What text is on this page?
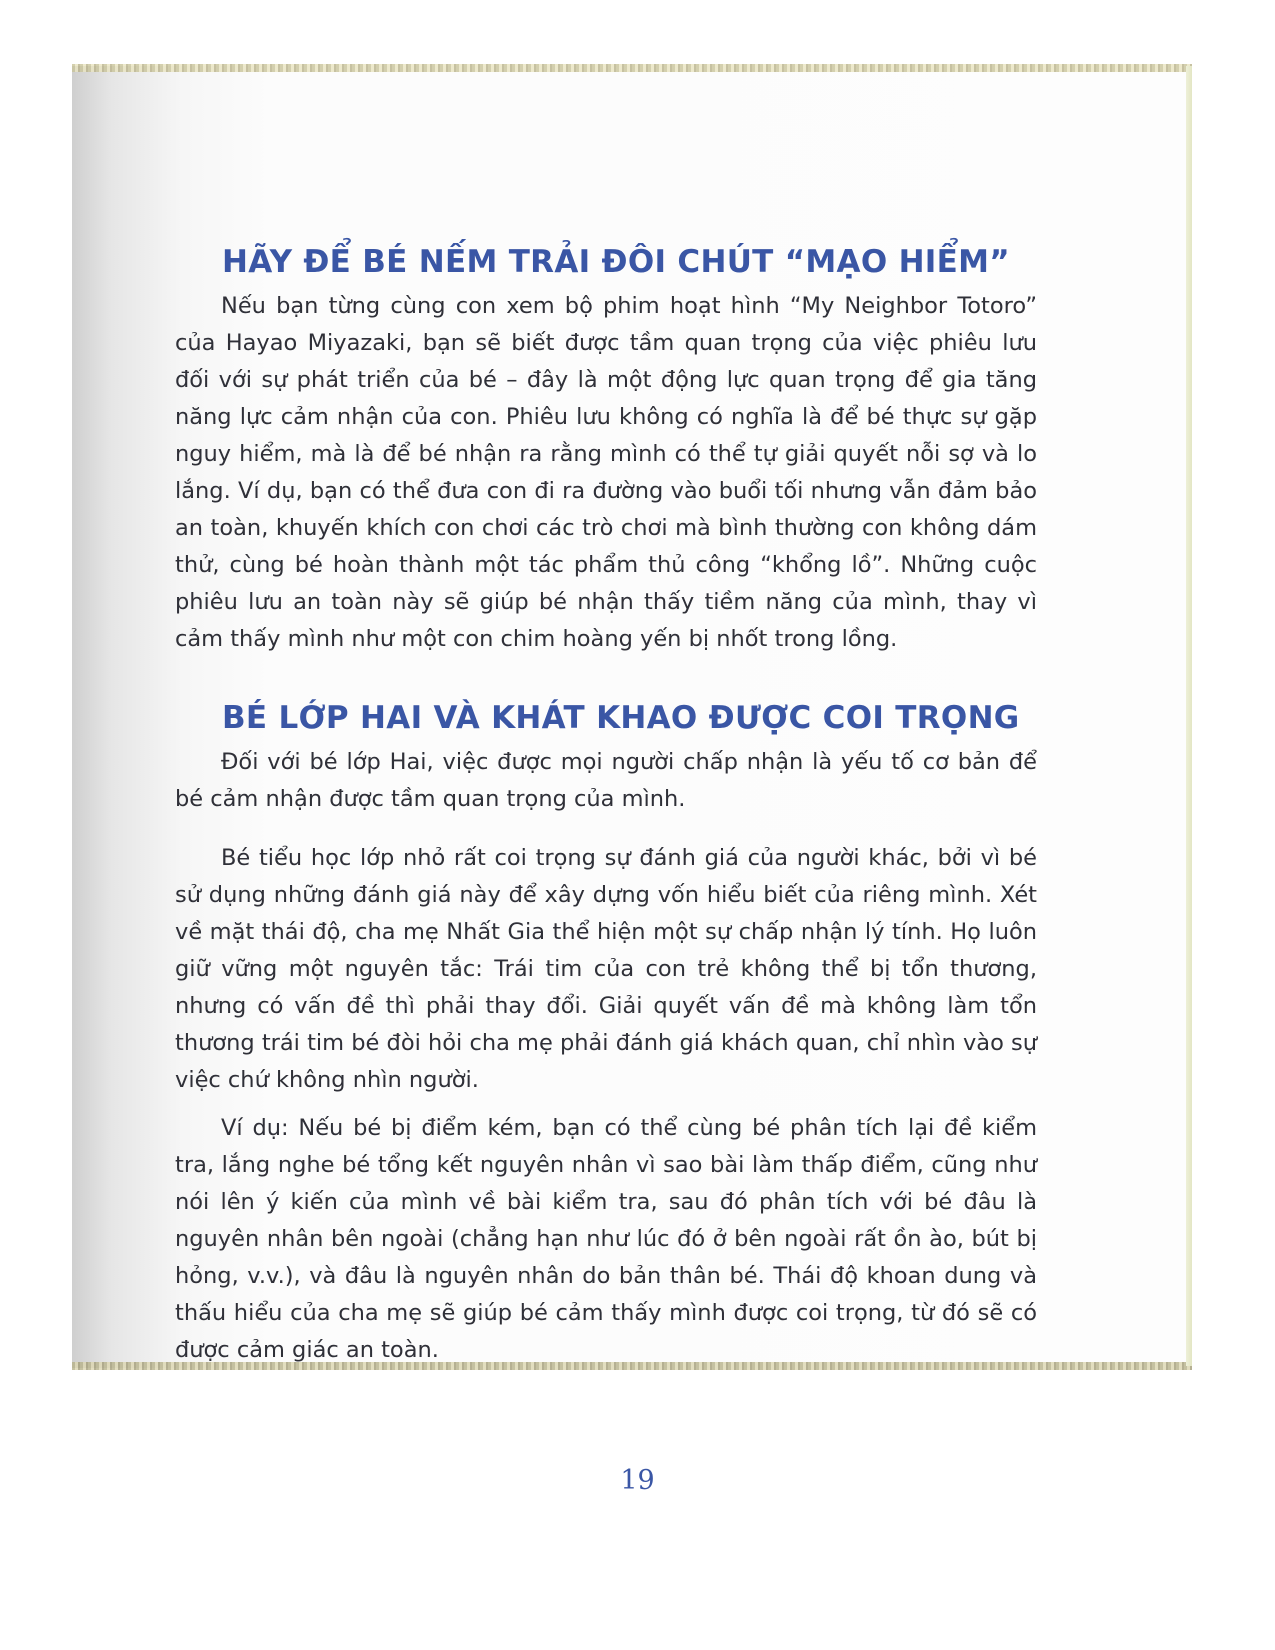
HÃY ĐỂ BÉ NẾM TRẢI ĐÔI CHÚT “MẠO HIỂM”

Nếu bạn từng cùng con xem bộ phim hoạt hình “My Neighbor Totoro” của Hayao Miyazaki, bạn sẽ biết được tầm quan trọng của việc phiêu lưu đối với sự phát triển của bé – đây là một động lực quan trọng để gia tăng năng lực cảm nhận của con. Phiêu lưu không có nghĩa là để bé thực sự gặp nguy hiểm, mà là để bé nhận ra rằng mình có thể tự giải quyết nỗi sợ và lo lắng. Ví dụ, bạn có thể đưa con đi ra đường vào buổi tối nhưng vẫn đảm bảo an toàn, khuyến khích con chơi các trò chơi mà bình thường con không dám thử, cùng bé hoàn thành một tác phẩm thủ công “khổng lồ”. Những cuộc phiêu lưu an toàn này sẽ giúp bé nhận thấy tiềm năng của mình, thay vì cảm thấy mình như một con chim hoàng yến bị nhốt trong lồng.

BÉ LỚP HAI VÀ KHÁT KHAO ĐƯỢC COI TRỌNG

Đối với bé lớp Hai, việc được mọi người chấp nhận là yếu tố cơ bản để bé cảm nhận được tầm quan trọng của mình.

Bé tiểu học lớp nhỏ rất coi trọng sự đánh giá của người khác, bởi vì bé sử dụng những đánh giá này để xây dựng vốn hiểu biết của riêng mình. Xét về mặt thái độ, cha mẹ Nhất Gia thể hiện một sự chấp nhận lý tính. Họ luôn giữ vững một nguyên tắc: Trái tim của con trẻ không thể bị tổn thương, nhưng có vấn đề thì phải thay đổi. Giải quyết vấn đề mà không làm tổn thương trái tim bé đòi hỏi cha mẹ phải đánh giá khách quan, chỉ nhìn vào sự việc chứ không nhìn người.

Ví dụ: Nếu bé bị điểm kém, bạn có thể cùng bé phân tích lại đề kiểm tra, lắng nghe bé tổng kết nguyên nhân vì sao bài làm thấp điểm, cũng như nói lên ý kiến của mình về bài kiểm tra, sau đó phân tích với bé đâu là nguyên nhân bên ngoài (chẳng hạn như lúc đó ở bên ngoài rất ồn ào, bút bị hỏng, v.v.), và đâu là nguyên nhân do bản thân bé. Thái độ khoan dung và thấu hiểu của cha mẹ sẽ giúp bé cảm thấy mình được coi trọng, từ đó sẽ có được cảm giác an toàn.

19
